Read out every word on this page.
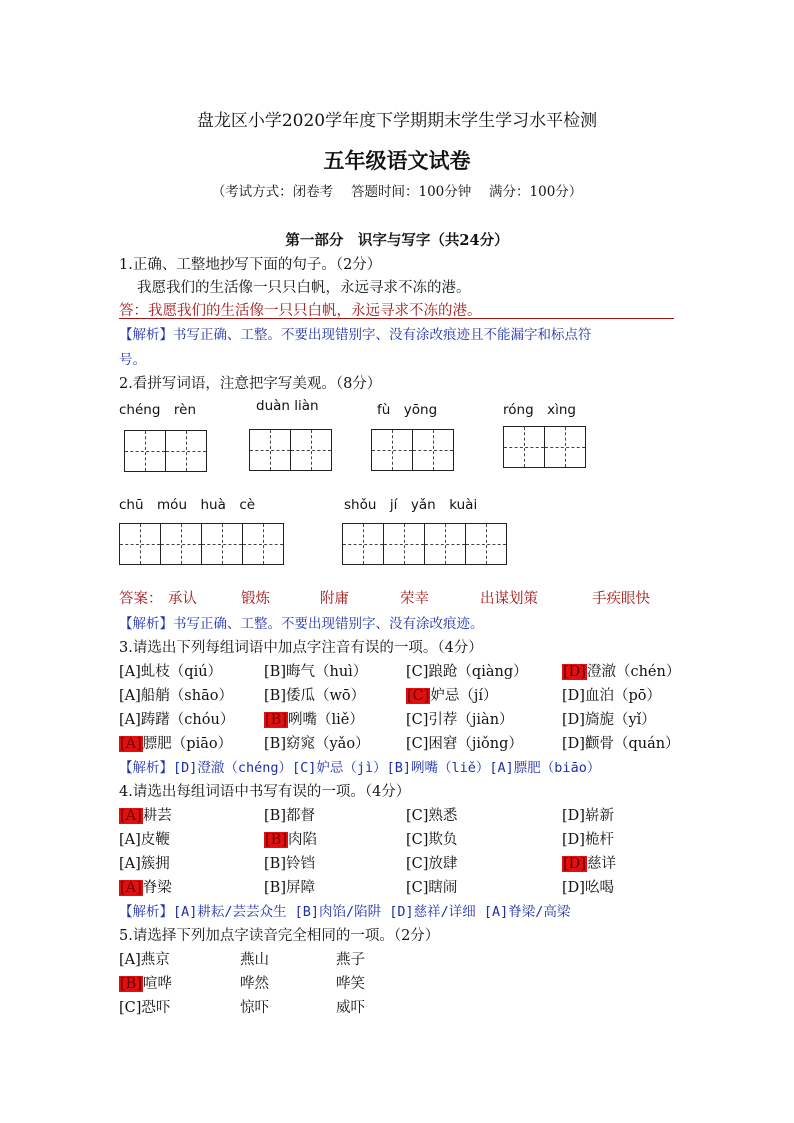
盘龙区小学2020学年度下学期期末学生学习水平检测
五年级语文试卷
（考试方式：闭卷考　 答题时间：100分钟　 满分：100分）
第一部分　识字与写字（共24分）
1.正确、工整地抄写下面的句子。（2分）
我愿我们的生活像一只只白帆，永远寻求不冻的港。
答：我愿我们的生活像一只只白帆，永远寻求不冻的港。
【解析】书写正确、工整。不要出现错别字、没有涂改痕迹且不能漏字和标点符
号。
2.看拼写词语，注意把字写美观。（8分）
chéng　rèn	duàn liàn	fù　yōng	róng　xìng
chū　móu　huà　cè	shǒu　jí　yǎn　kuài
答案： 承认	锻炼	附庸	荣幸	出谋划策	手疾眼快
【解析】书写正确、工整。不要出现错别字、没有涂改痕迹。
3.请选出下列每组词语中加点字注音有误的一项。（4分）
[A]虬枝（qiú）	[B]晦气（huì）	[C]踉跄（qiàng） [D]澄澈（chén）
[A]船艄（shāo） [B]倭瓜（wō）	[C]妒忌（jí）	[D]血泊（pō）
[A]踌躇（chóu） [B]咧嘴（liě）	[C]引荐（jiàn）	[D]旖旎（yǐ）
[A]膘肥（piāo） [B]窈窕（yǎo）	[C]困窘（jiǒng）	[D]颧骨（quán）
【解析】[D]澄澈（chéng）[C]妒忌（jì）[B]咧嘴（liě）[A]膘肥（biāo）
4.请选出每组词语中书写有误的一项。（4分）
[A]耕芸	[B]都督	[C]熟悉	[D]崭新
[A]皮鞭	[B]肉陷	[C]欺负	[D]桅杆
[A]簇拥	[B]铃铛	[C]放肆	[D]慈详
[A]脊梁	[B]屏障	[C]瞎闹	[D]吆喝
【解析】[A]耕耘/芸芸众生 [B]肉馅/陷阱 [D]慈祥/详细 [A]脊梁/高梁
5.请选择下列加点字读音完全相同的一项。（2分）
[A]燕京	燕山	燕子
[B]喧哗	哗然	哗笑
[C]恐吓	惊吓	威吓
